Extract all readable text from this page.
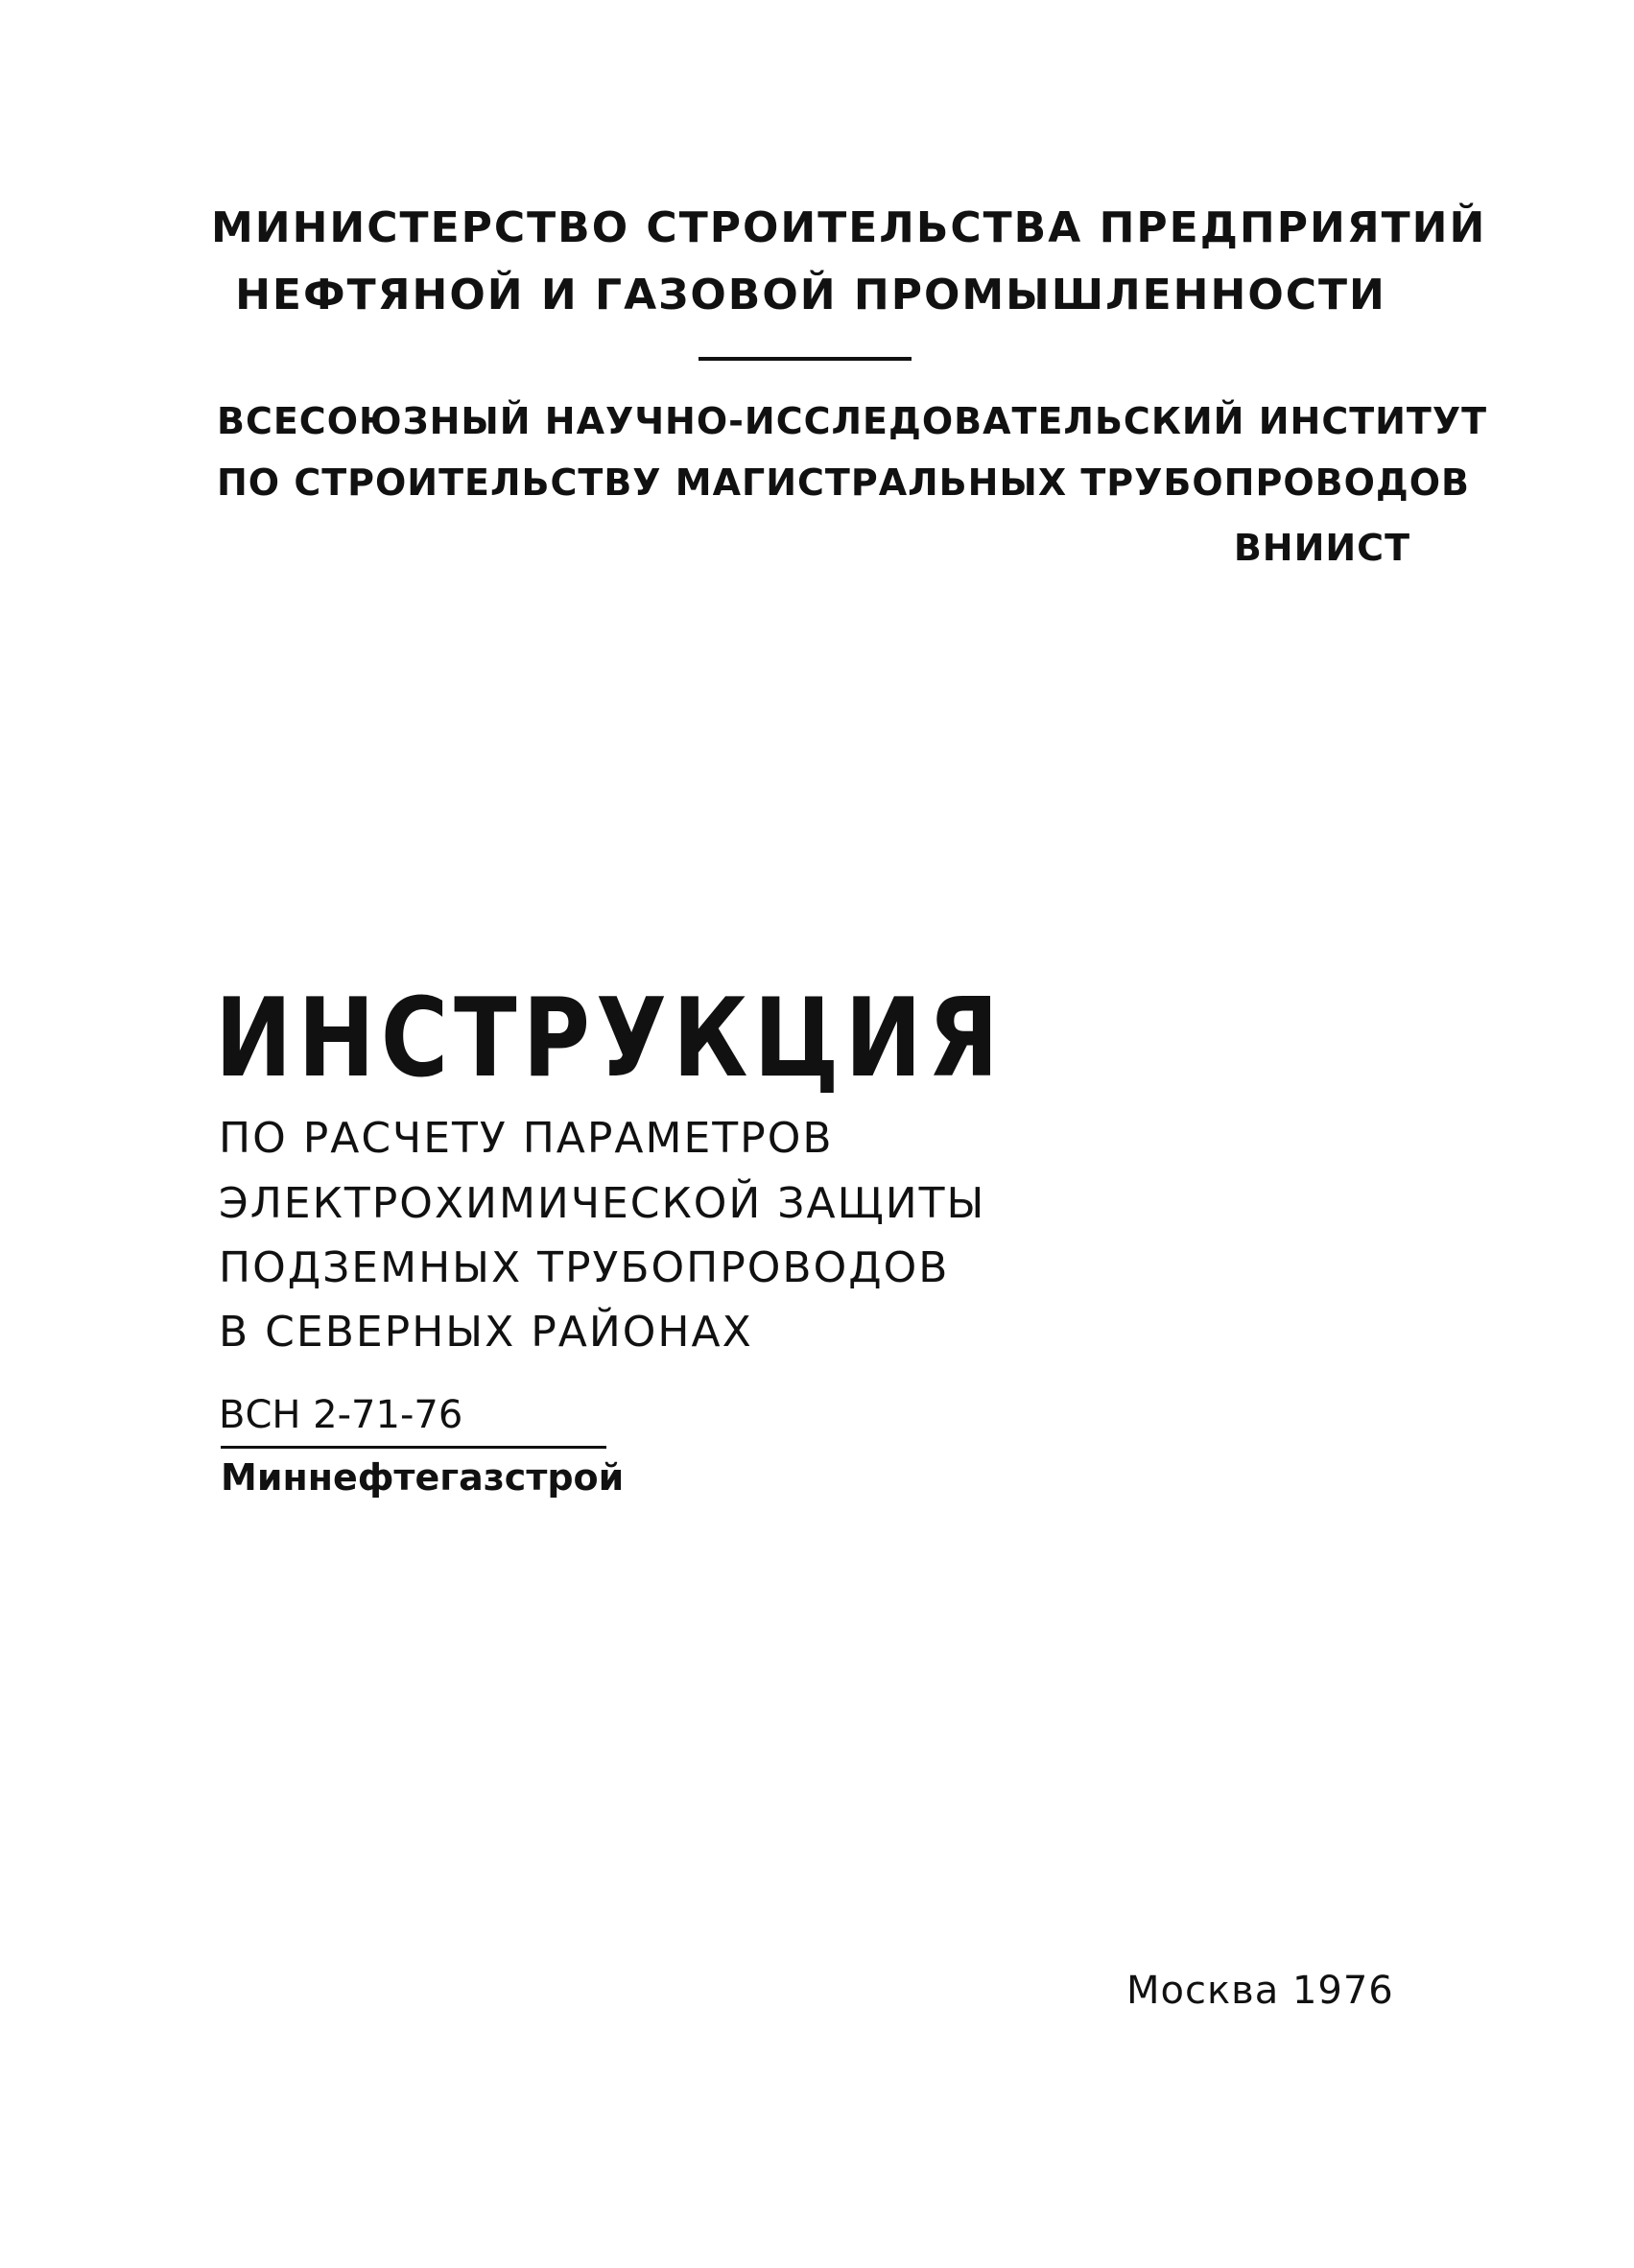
МИНИСТЕРСТВО СТРОИТЕЛЬСТВА ПРЕДПРИЯТИЙ
НЕФТЯНОЙ И ГАЗОВОЙ ПРОМЫШЛЕННОСТИ
ВСЕСОЮЗНЫЙ НАУЧНО-ИССЛЕДОВАТЕЛЬСКИЙ ИНСТИТУТ
ПО СТРОИТЕЛЬСТВУ МАГИСТРАЛЬНЫХ ТРУБОПРОВОДОВ
ВНИИСТ
ИНСТРУКЦИЯ
ПО РАСЧЕТУ ПАРАМЕТРОВ
ЭЛЕКТРОХИМИЧЕСКОЙ ЗАЩИТЫ
ПОДЗЕМНЫХ ТРУБОПРОВОДОВ
В СЕВЕРНЫХ РАЙОНАХ
ВСН 2-71-76
Миннефтегазстрой
Москва 1976
